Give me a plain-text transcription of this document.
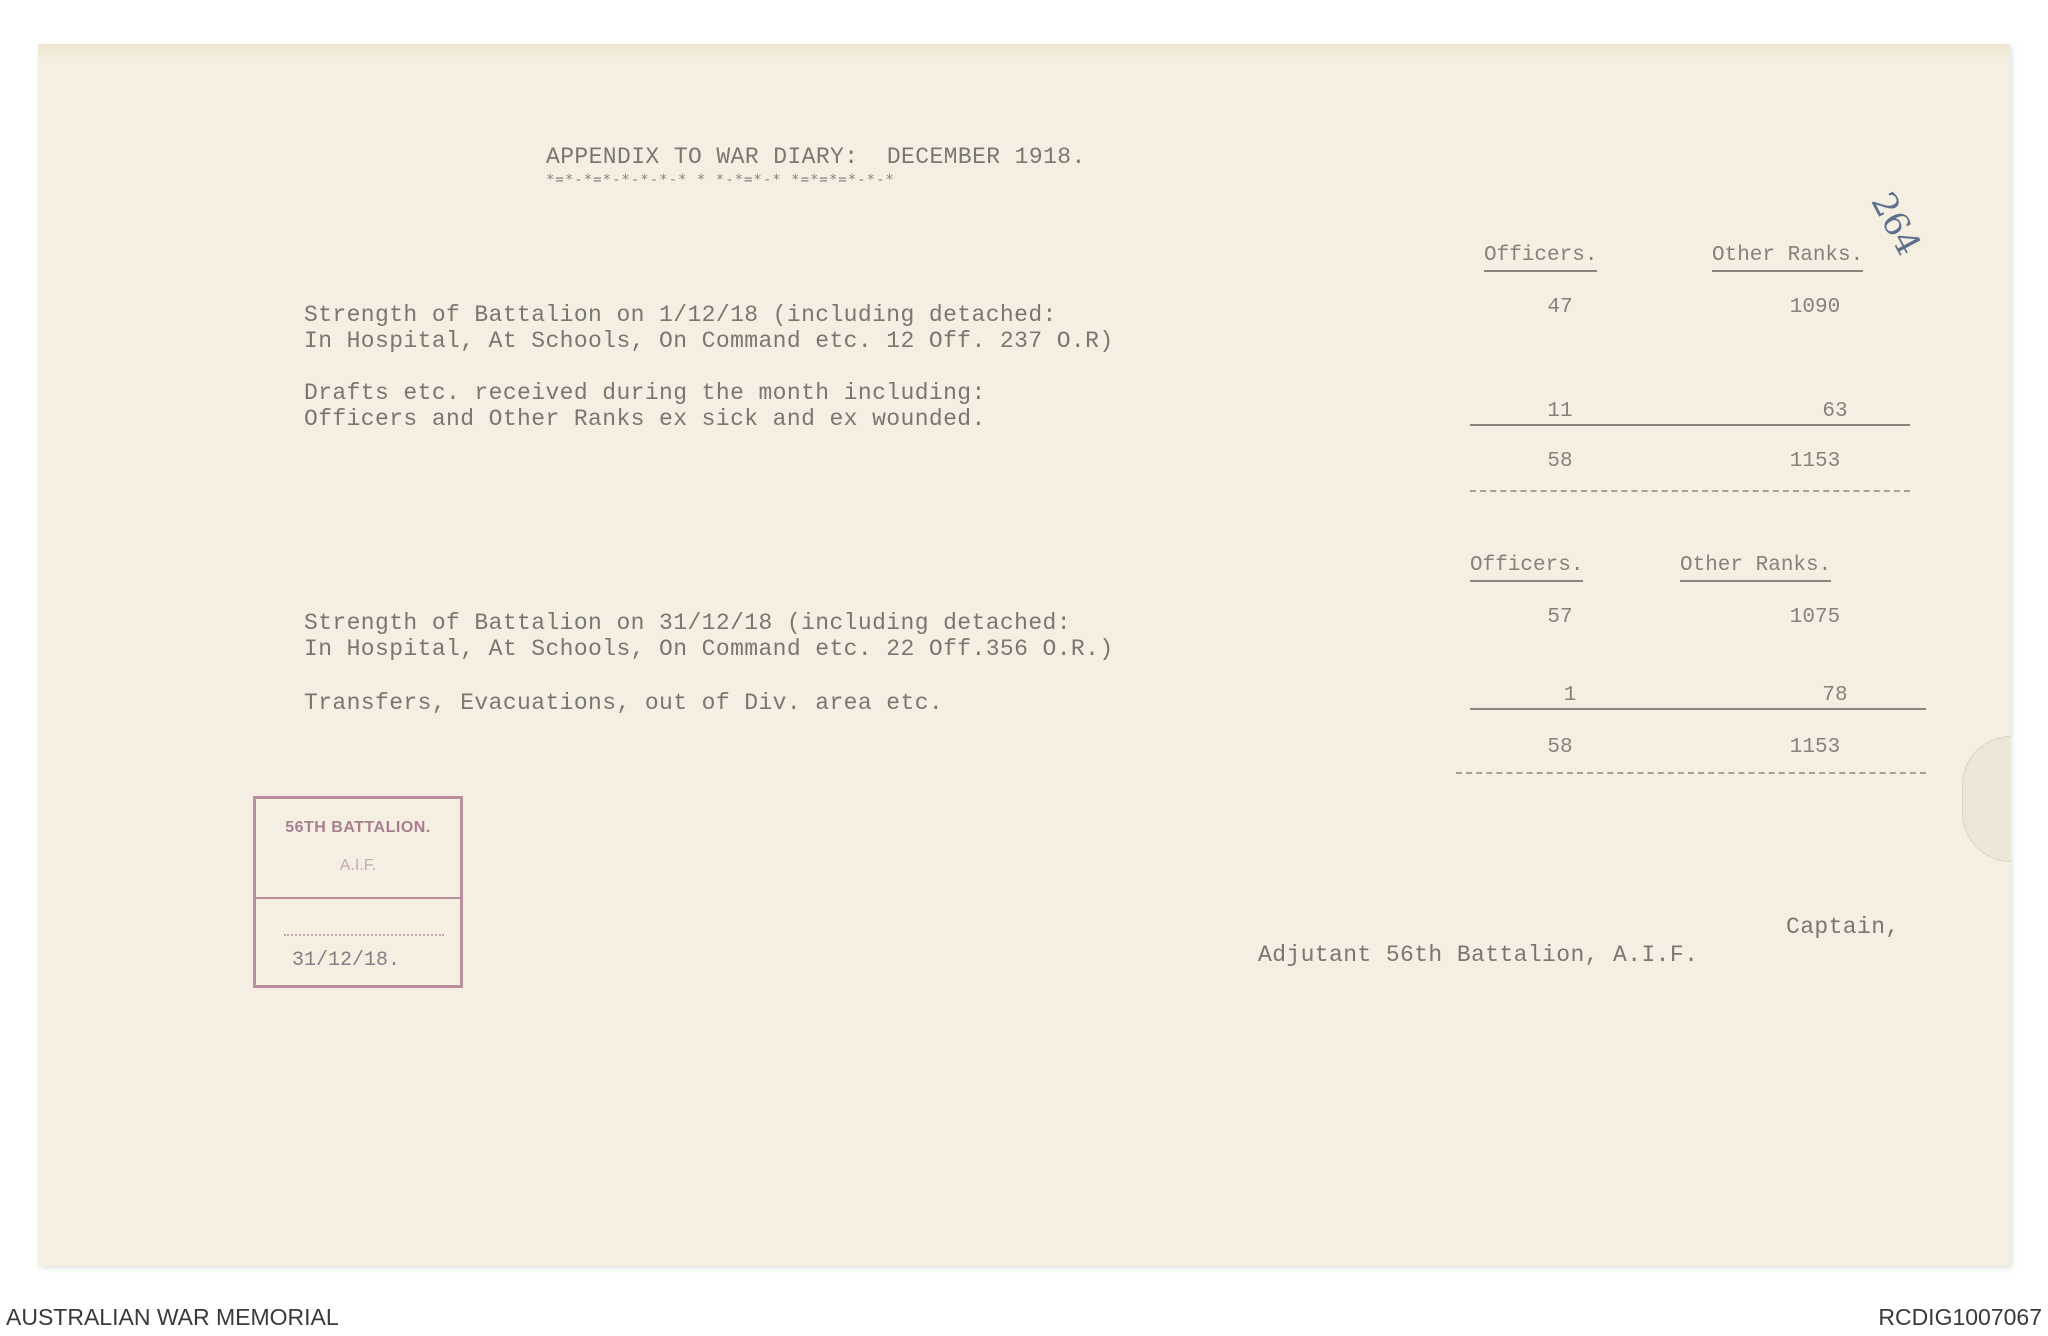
APPENDIX TO WAR DIARY:  DECEMBER 1918.
*=*-*=*-*-*-*-* * *-*=*-* *=*=*=*-*-*
264
Officers.	Other Ranks.
Strength of Battalion on 1/12/18 (including detached:
In Hospital, At Schools, On Command etc. 12 Off. 237 O.R)
47	1090
Drafts etc. received during the month including:
Officers and Other Ranks ex sick and ex wounded.	11	63
58	1153
Officers.	Other Ranks.
Strength of Battalion on 31/12/18 (including detached:
In Hospital, At Schools, On Command etc. 22 Off.356 O.R.)
57	1075
Transfers, Evacuations, out of Div. area etc.	1	78
58	1153
56TH BATTALION.
A.I.F.
31/12/18.
Captain,
Adjutant 56th Battalion, A.I.F.
AUSTRALIAN WAR MEMORIAL	RCDIG1007067
